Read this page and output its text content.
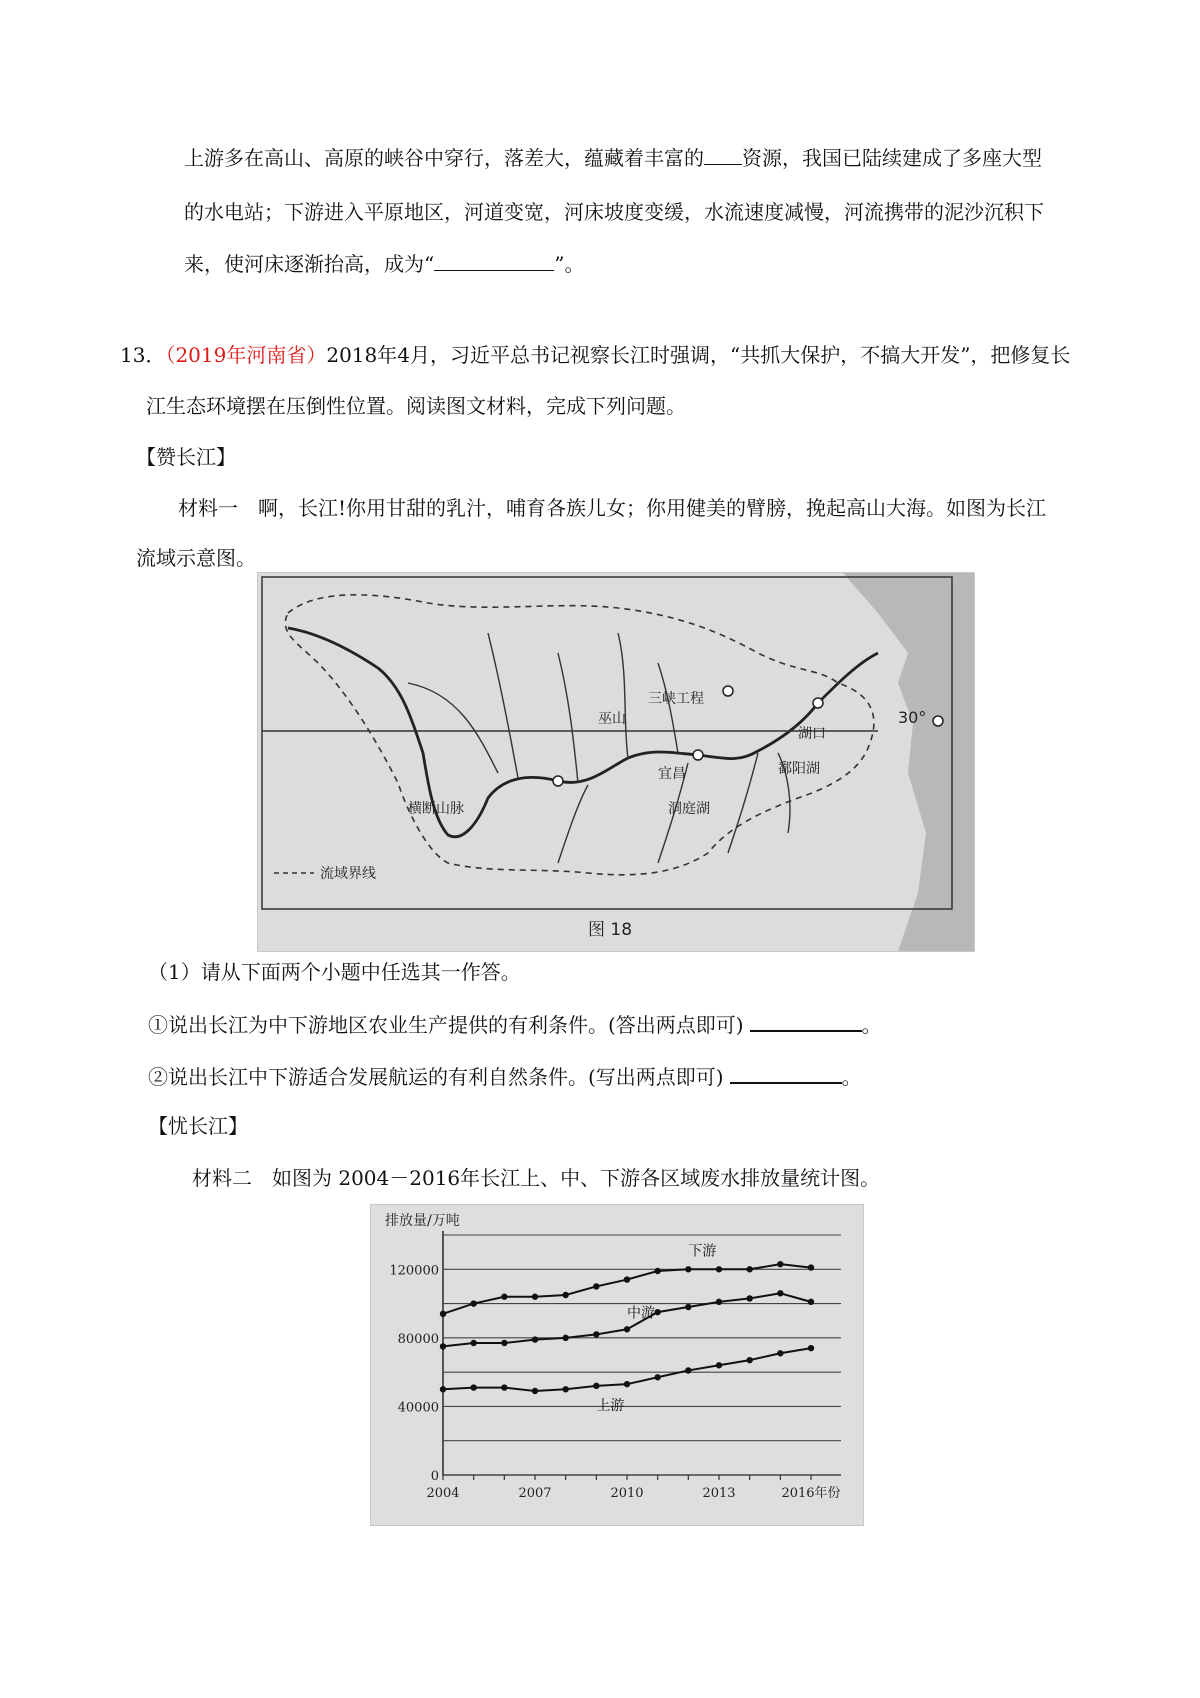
上游多在高山、高原的峡谷中穿行，落差大，蕴藏着丰富的 资源，我国已陆续建成了多座大型
的水电站；下游进入平原地区，河道变宽，河床坡度变缓，水流速度减慢，河流携带的泥沙沉积下
来，使河床逐渐抬高，成为“	”。
13．（2019年河南省）2018年4月，习近平总书记视察长江时强调，“共抓大保护，不搞大开发”，把修复长
江生态环境摆在压倒性位置。阅读图文材料，完成下列问题。
【赞长江】
材料一　啊，长江!你用甘甜的乳汁，哺育各族儿女；你用健美的臂膀，挽起高山大海。如图为长江
流域示意图。
三峡工程
巫山
宜昌
湖口
洞庭湖
鄱阳湖
横断山脉
30°
流域界线
图 18
（1）请从下面两个小题中任选其一作答。
①说出长江为中下游地区农业生产提供的有利条件。(答出两点即可)	。
②说出长江中下游适合发展航运的有利自然条件。(写出两点即可)	。
【忧长江】
材料二　如图为 2004－2016年长江上、中、下游各区域废水排放量统计图。
排放量/万吨
下游
中游
上游
0
40000
80000
120000
2004	2007	2010	2013	2016年份
